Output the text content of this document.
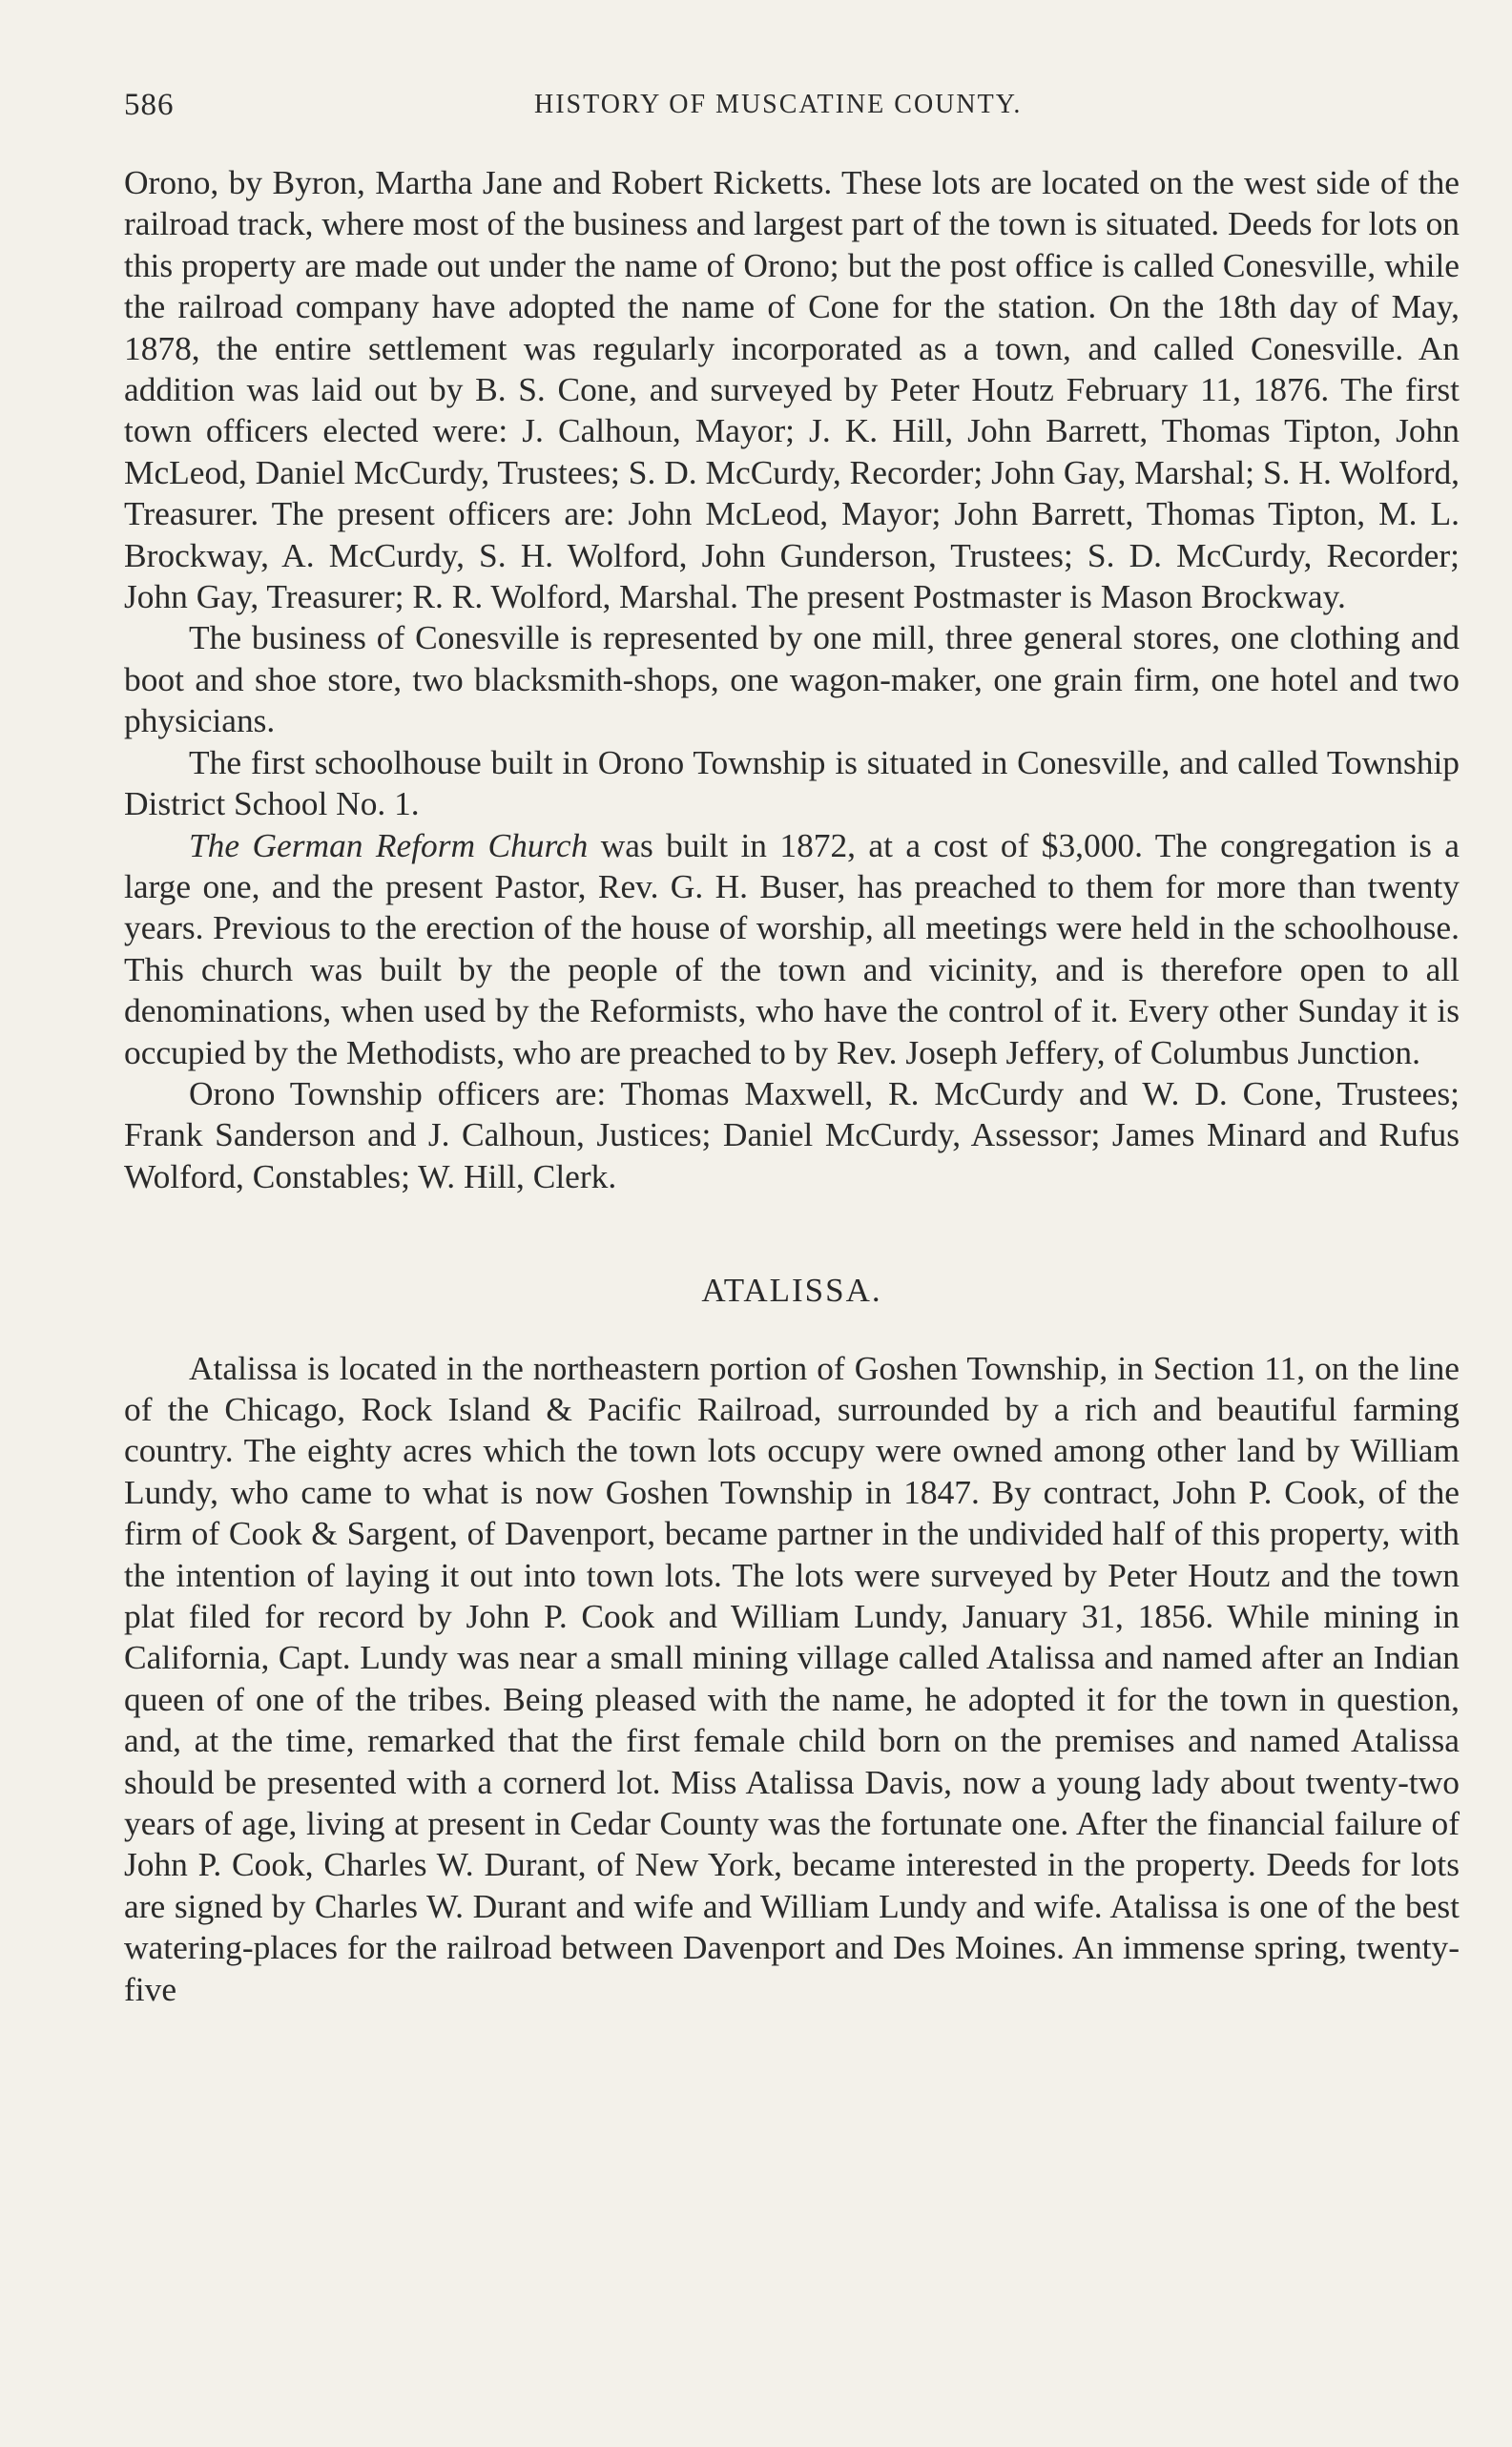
586	HISTORY OF MUSCATINE COUNTY.

Orono, by Byron, Martha Jane and Robert Ricketts. These lots are located on the west side of the railroad track, where most of the business and largest part of the town is situated. Deeds for lots on this property are made out under the name of Orono; but the post office is called Conesville, while the railroad company have adopted the name of Cone for the station. On the 18th day of May, 1878, the entire settlement was regularly incorporated as a town, and called Conesville. An addition was laid out by B. S. Cone, and surveyed by Peter Houtz February 11, 1876. The first town officers elected were: J. Calhoun, Mayor; J. K. Hill, John Barrett, Thomas Tipton, John McLeod, Daniel McCurdy, Trustees; S. D. McCurdy, Recorder; John Gay, Marshal; S. H. Wolford, Treasurer. The present officers are: John McLeod, Mayor; John Barrett, Thomas Tipton, M. L. Brockway, A. McCurdy, S. H. Wolford, John Gunderson, Trustees; S. D. McCurdy, Recorder; John Gay, Treasurer; R. R. Wolford, Marshal. The present Postmaster is Mason Brockway.

The business of Conesville is represented by one mill, three general stores, one clothing and boot and shoe store, two blacksmith-shops, one wagon-maker, one grain firm, one hotel and two physicians.

The first schoolhouse built in Orono Township is situated in Conesville, and called Township District School No. 1.

The German Reform Church was built in 1872, at a cost of $3,000. The congregation is a large one, and the present Pastor, Rev. G. H. Buser, has preached to them for more than twenty years. Previous to the erection of the house of worship, all meetings were held in the schoolhouse. This church was built by the people of the town and vicinity, and is therefore open to all denominations, when used by the Reformists, who have the control of it. Every other Sunday it is occupied by the Methodists, who are preached to by Rev. Joseph Jeffery, of Columbus Junction.

Orono Township officers are: Thomas Maxwell, R. McCurdy and W. D. Cone, Trustees; Frank Sanderson and J. Calhoun, Justices; Daniel McCurdy, Assessor; James Minard and Rufus Wolford, Constables; W. Hill, Clerk.

ATALISSA.

Atalissa is located in the northeastern portion of Goshen Township, in Section 11, on the line of the Chicago, Rock Island & Pacific Railroad, surrounded by a rich and beautiful farming country. The eighty acres which the town lots occupy were owned among other land by William Lundy, who came to what is now Goshen Township in 1847. By contract, John P. Cook, of the firm of Cook & Sargent, of Davenport, became partner in the undivided half of this property, with the intention of laying it out into town lots. The lots were surveyed by Peter Houtz and the town plat filed for record by John P. Cook and William Lundy, January 31, 1856. While mining in California, Capt. Lundy was near a small mining village called Atalissa and named after an Indian queen of one of the tribes. Being pleased with the name, he adopted it for the town in question, and, at the time, remarked that the first female child born on the premises and named Atalissa should be presented with a cornerd lot. Miss Atalissa Davis, now a young lady about twenty-two years of age, living at present in Cedar County was the fortunate one. After the financial failure of John P. Cook, Charles W. Durant, of New York, became interested in the property. Deeds for lots are signed by Charles W. Durant and wife and William Lundy and wife. Atalissa is one of the best watering-places for the railroad between Davenport and Des Moines. An immense spring, twenty-five
